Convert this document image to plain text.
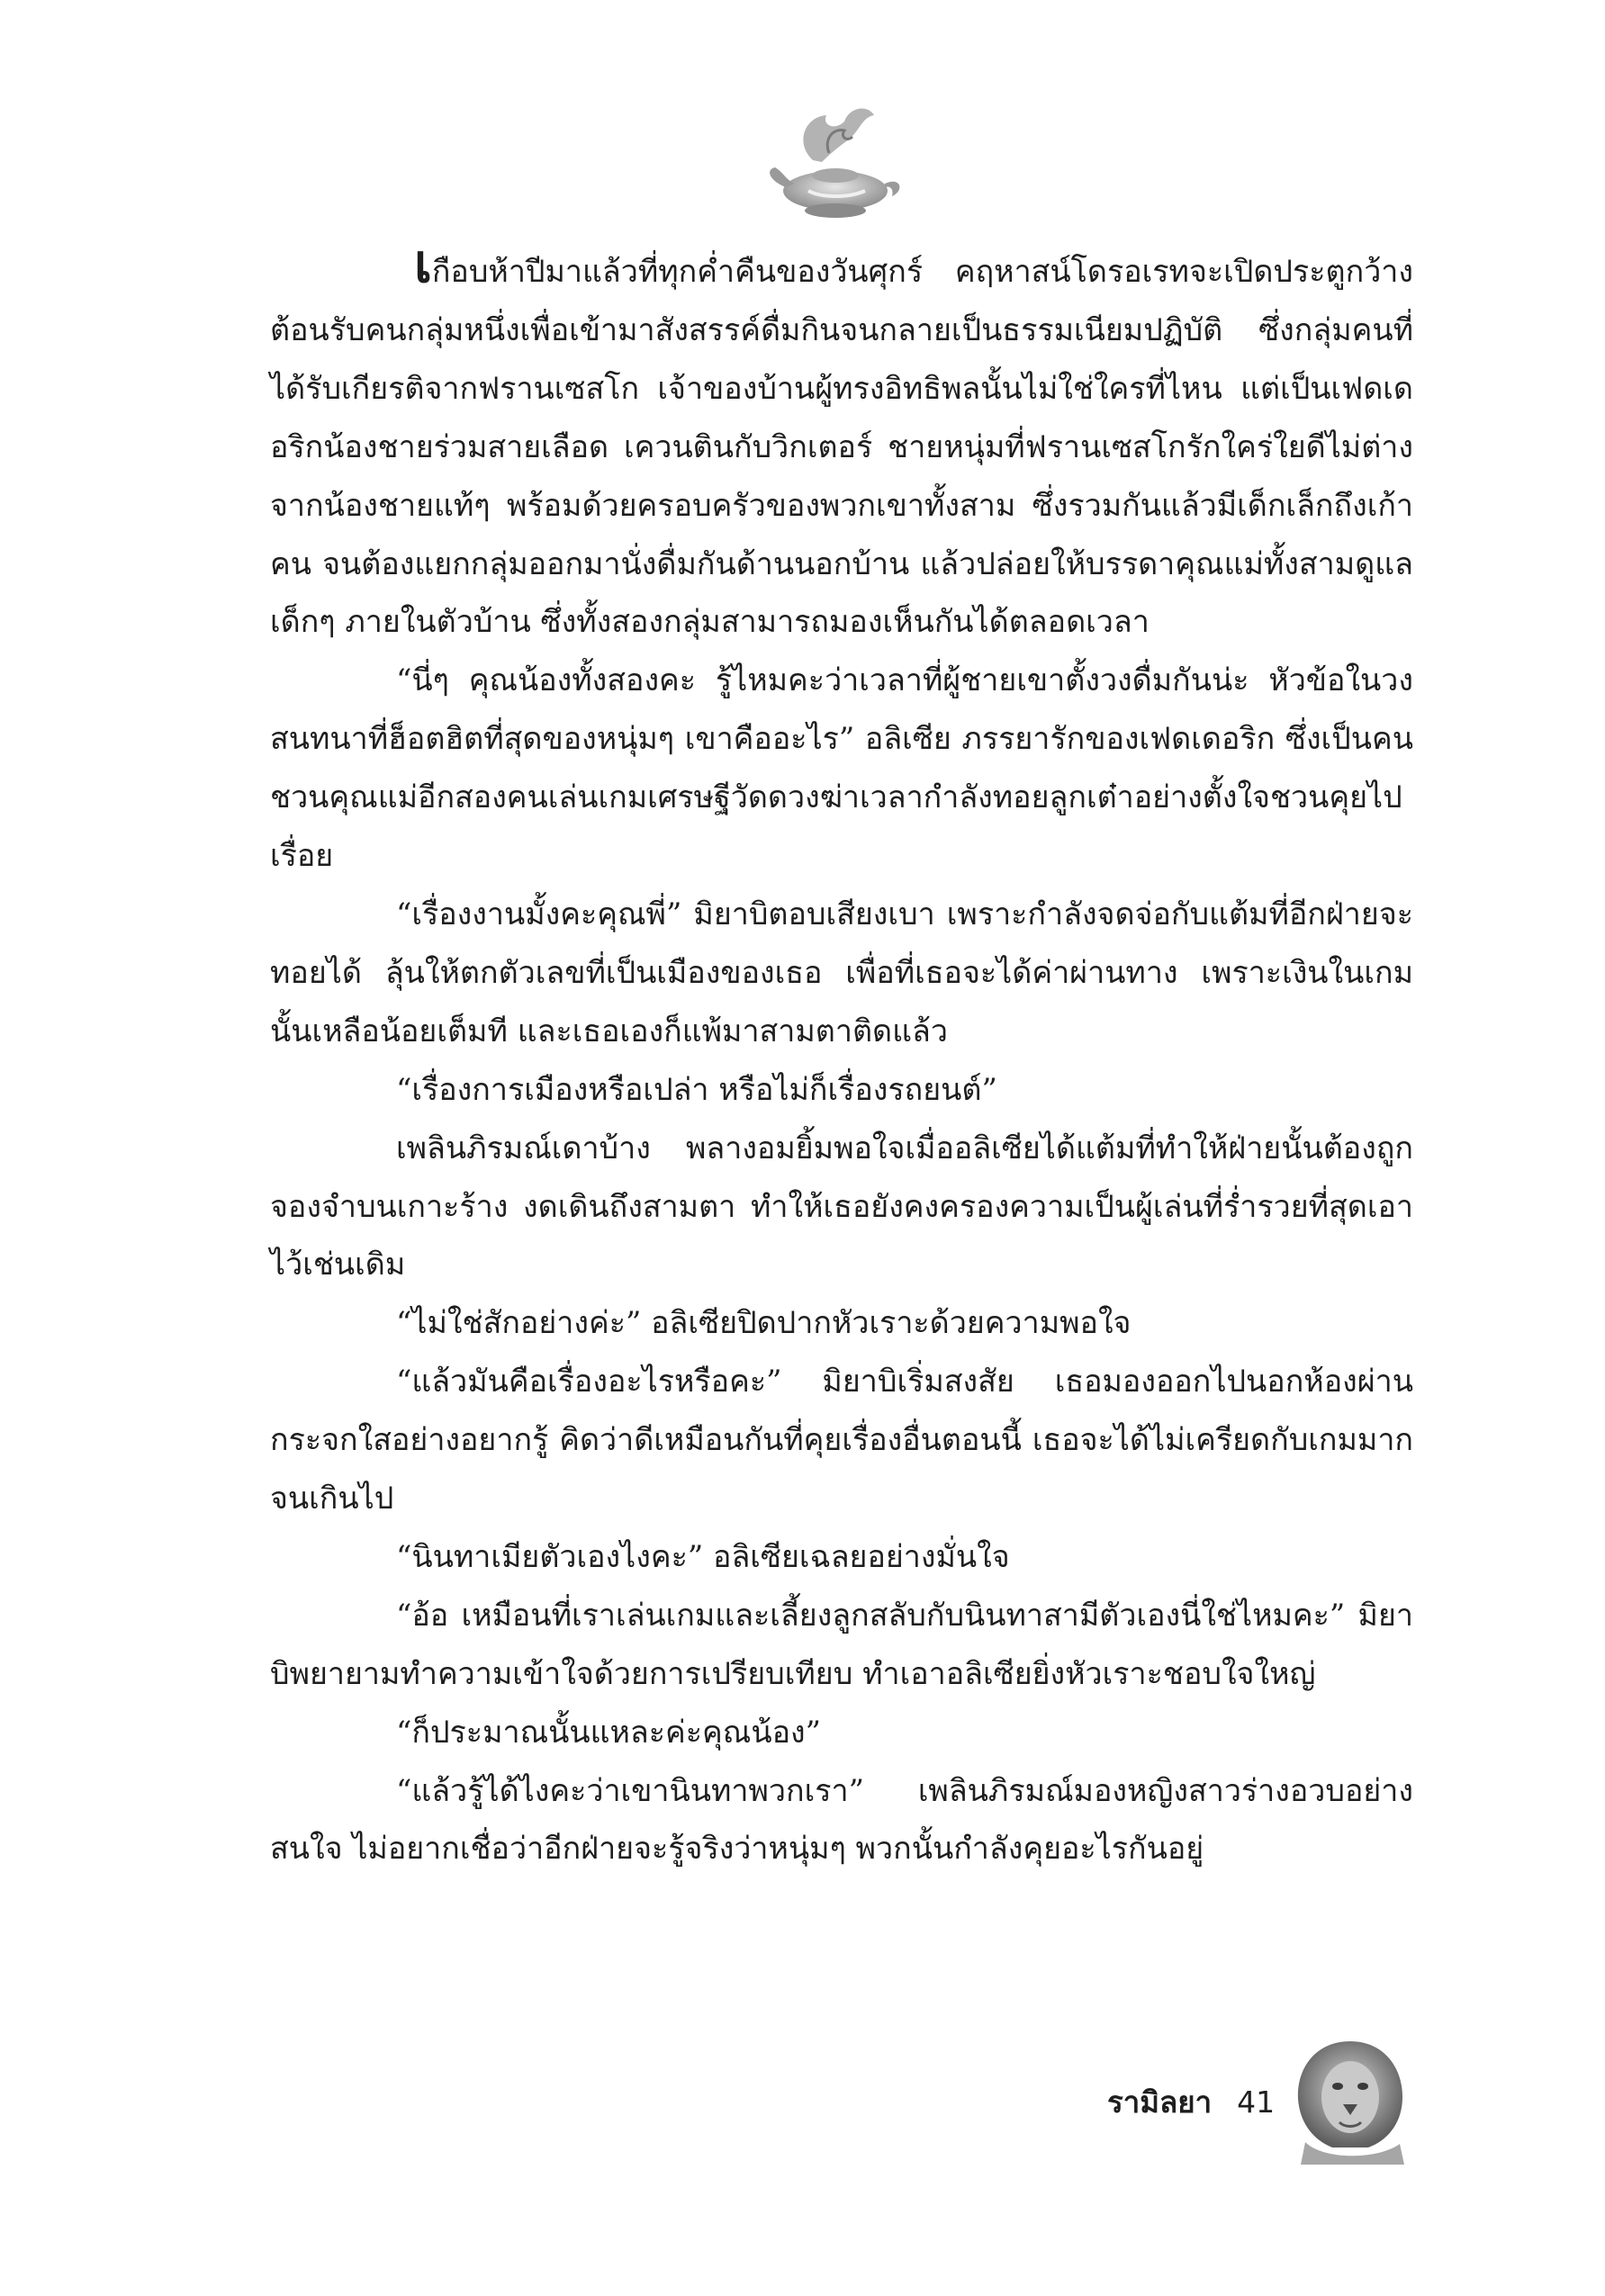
เกือบห้าปีมาแล้วที่ทุกค่ำคืนของวันศุกร์ คฤหาสน์โดรอเรทจะเปิดประตูกว้างต้อนรับคนกลุ่มหนึ่งเพื่อเข้ามาสังสรรค์ดื่มกินจนกลายเป็นธรรมเนียมปฏิบัติ ซึ่งกลุ่มคนที่ได้รับเกียรติจากฟรานเซสโก เจ้าของบ้านผู้ทรงอิทธิพลนั้นไม่ใช่ใครที่ไหน แต่เป็นเฟดเดอริกน้องชายร่วมสายเลือด เควนตินกับวิกเตอร์ ชายหนุ่มที่ฟรานเซสโกรักใคร่ใยดีไม่ต่างจากน้องชายแท้ๆ พร้อมด้วยครอบครัวของพวกเขาทั้งสาม ซึ่งรวมกันแล้วมีเด็กเล็กถึงเก้าคน จนต้องแยกกลุ่มออกมานั่งดื่มกันด้านนอกบ้าน แล้วปล่อยให้บรรดาคุณแม่ทั้งสามดูแลเด็กๆ ภายในตัวบ้าน ซึ่งทั้งสองกลุ่มสามารถมองเห็นกันได้ตลอดเวลา

“นี่ๆ คุณน้องทั้งสองคะ รู้ไหมคะว่าเวลาที่ผู้ชายเขาตั้งวงดื่มกันน่ะ หัวข้อในวงสนทนาที่ฮ็อตฮิตที่สุดของหนุ่มๆ เขาคืออะไร” อลิเซีย ภรรยารักของเฟดเดอริก ซึ่งเป็นคนชวนคุณแม่อีกสองคนเล่นเกมเศรษฐีวัดดวงฆ่าเวลากำลังทอยลูกเต๋าอย่างตั้งใจชวนคุยไปเรื่อย

“เรื่องงานมั้งคะคุณพี่” มิยาบิตอบเสียงเบา เพราะกำลังจดจ่อกับแต้มที่อีกฝ่ายจะทอยได้ ลุ้นให้ตกตัวเลขที่เป็นเมืองของเธอ เพื่อที่เธอจะได้ค่าผ่านทาง เพราะเงินในเกมนั้นเหลือน้อยเต็มที และเธอเองก็แพ้มาสามตาติดแล้ว

“เรื่องการเมืองหรือเปล่า หรือไม่ก็เรื่องรถยนต์”

เพลินภิรมณ์เดาบ้าง พลางอมยิ้มพอใจเมื่ออลิเซียได้แต้มที่ทำให้ฝ่ายนั้นต้องถูกจองจำบนเกาะร้าง งดเดินถึงสามตา ทำให้เธอยังคงครองความเป็นผู้เล่นที่ร่ำรวยที่สุดเอาไว้เช่นเดิม

“ไม่ใช่สักอย่างค่ะ” อลิเซียปิดปากหัวเราะด้วยความพอใจ

“แล้วมันคือเรื่องอะไรหรือคะ” มิยาบิเริ่มสงสัย เธอมองออกไปนอกห้องผ่านกระจกใสอย่างอยากรู้ คิดว่าดีเหมือนกันที่คุยเรื่องอื่นตอนนี้ เธอจะได้ไม่เครียดกับเกมมากจนเกินไป

“นินทาเมียตัวเองไงคะ” อลิเซียเฉลยอย่างมั่นใจ

“อ้อ เหมือนที่เราเล่นเกมและเลี้ยงลูกสลับกับนินทาสามีตัวเองนี่ใช่ไหมคะ” มิยาบิพยายามทำความเข้าใจด้วยการเปรียบเทียบ ทำเอาอลิเซียยิ่งหัวเราะชอบใจใหญ่

“ก็ประมาณนั้นแหละค่ะคุณน้อง”

“แล้วรู้ได้ไงคะว่าเขานินทาพวกเรา” เพลินภิรมณ์มองหญิงสาวร่างอวบอย่างสนใจ ไม่อยากเชื่อว่าอีกฝ่ายจะรู้จริงว่าหนุ่มๆ พวกนั้นกำลังคุยอะไรกันอยู่

รามิลยา 41
